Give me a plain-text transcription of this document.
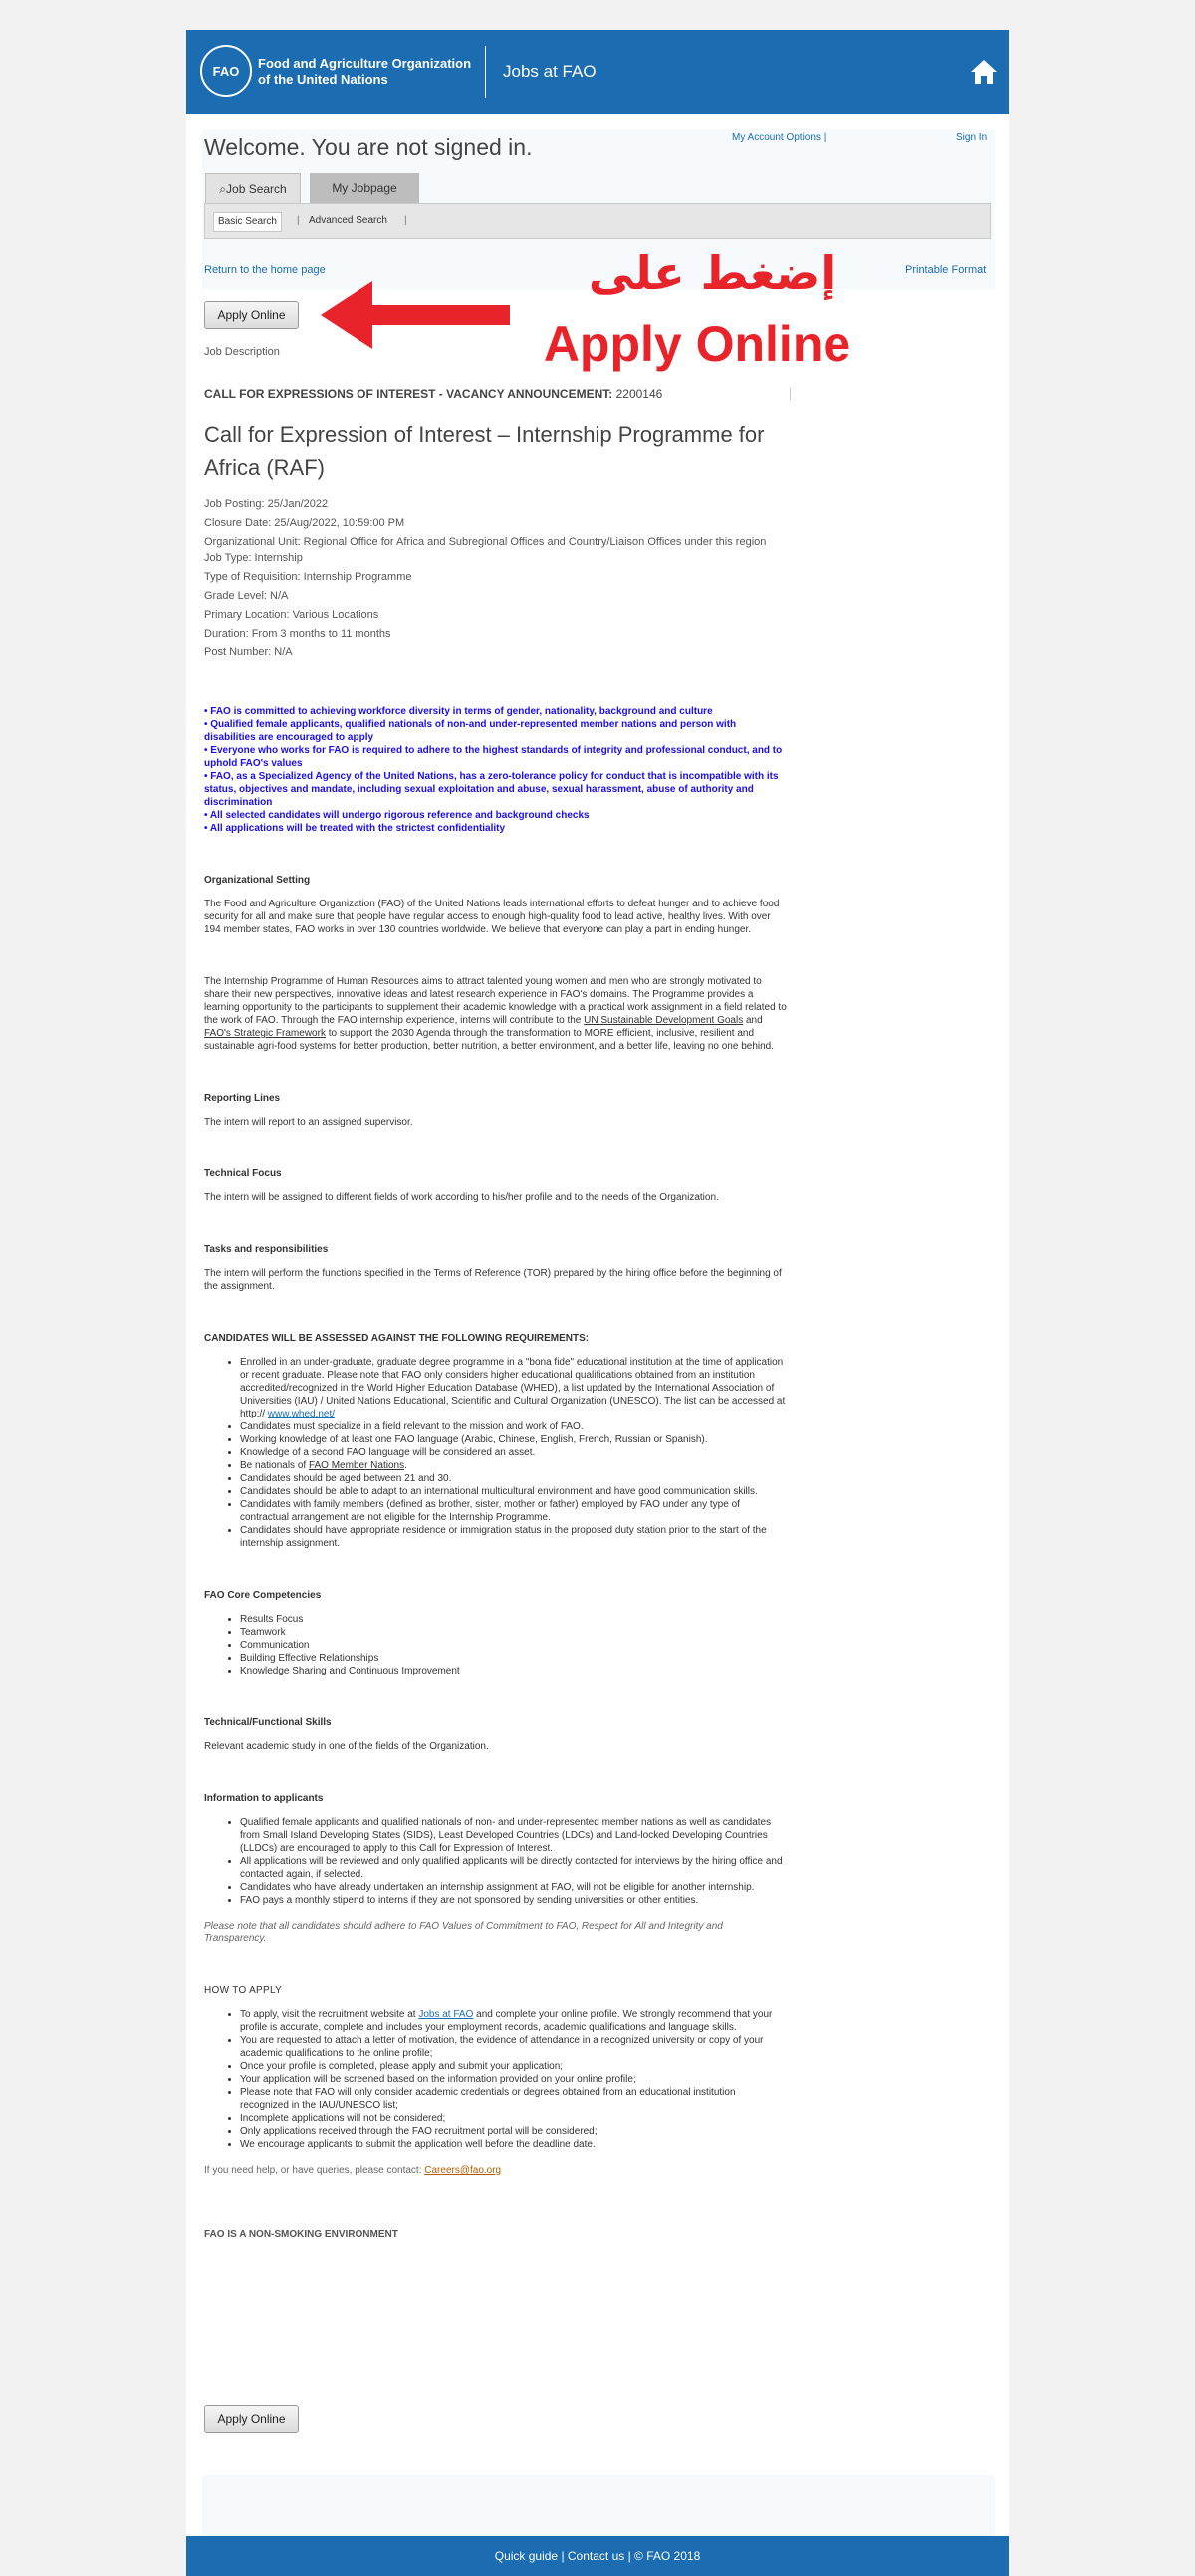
FAO	Food and Agriculture Organization
of the United Nations	Jobs at FAO
Quick guide | Contact us | © FAO 2018
Welcome. You are not signed in.	My Account Options |	Sign In
⌕Job Search	My Jobpage
Basic Search	| Advanced Search	|
Return to the home page	Printable Format
Apply Online
إضغط على
Apply Online
Job Description

CALL FOR EXPRESSIONS OF INTEREST - VACANCY ANNOUNCEMENT: 2200146

Call for Expression of Interest – Internship Programme for Africa (RAF)

Job Posting: 25/Jan/2022

Closure Date: 25/Aug/2022, 10:59:00 PM

Organizational Unit: Regional Office for Africa and Subregional Offices and Country/Liaison Offices under this region

Job Type: Internship

Type of Requisition: Internship Programme

Grade Level: N/A

Primary Location: Various Locations

Duration: From 3 months to 11 months

Post Number: N/A

• FAO is committed to achieving workforce diversity in terms of gender, nationality, background and culture

• Qualified female applicants, qualified nationals of non-and under-represented member nations and person with disabilities are encouraged to apply

• Everyone who works for FAO is required to adhere to the highest standards of integrity and professional conduct, and to uphold FAO's values

• FAO, as a Specialized Agency of the United Nations, has a zero-tolerance policy for conduct that is incompatible with its status, objectives and mandate, including sexual exploitation and abuse, sexual harassment, abuse of authority and discrimination

• All selected candidates will undergo rigorous reference and background checks

• All applications will be treated with the strictest confidentiality

Organizational Setting

The Food and Agriculture Organization (FAO) of the United Nations leads international efforts to defeat hunger and to achieve food security for all and make sure that people have regular access to enough high-quality food to lead active, healthy lives. With over 194 member states, FAO works in over 130 countries worldwide. We believe that everyone can play a part in ending hunger.

The Internship Programme of Human Resources aims to attract talented young women and men who are strongly motivated to share their new perspectives, innovative ideas and latest research experience in FAO's domains. The Programme provides a learning opportunity to the participants to supplement their academic knowledge with a practical work assignment in a field related to the work of FAO. Through the FAO internship experience, interns will contribute to the UN Sustainable Development Goals and FAO's Strategic Framework to support the 2030 Agenda through the transformation to MORE efficient, inclusive, resilient and sustainable agri-food systems for better production, better nutrition, a better environment, and a better life, leaving no one behind.

Reporting Lines

The intern will report to an assigned supervisor.

Technical Focus

The intern will be assigned to different fields of work according to his/her profile and to the needs of the Organization.

Tasks and responsibilities

The intern will perform the functions specified in the Terms of Reference (TOR) prepared by the hiring office before the beginning of the assignment.

CANDIDATES WILL BE ASSESSED AGAINST THE FOLLOWING REQUIREMENTS:

• Enrolled in an under-graduate, graduate degree programme in a "bona fide" educational institution at the time of application or recent graduate. Please note that FAO only considers higher educational qualifications obtained from an institution accredited/recognized in the World Higher Education Database (WHED), a list updated by the International Association of Universities (IAU) / United Nations Educational, Scientific and Cultural Organization (UNESCO). The list can be accessed at http:// www.whed.net/
• Candidates must specialize in a field relevant to the mission and work of FAO.
• Working knowledge of at least one FAO language (Arabic, Chinese, English, French, Russian or Spanish).
• Knowledge of a second FAO language will be considered an asset.
• Be nationals of FAO Member Nations.
• Candidates should be aged between 21 and 30.
• Candidates should be able to adapt to an international multicultural environment and have good communication skills.
• Candidates with family members (defined as brother, sister, mother or father) employed by FAO under any type of contractual arrangement are not eligible for the Internship Programme.
• Candidates should have appropriate residence or immigration status in the proposed duty station prior to the start of the internship assignment.

FAO Core Competencies

• Results Focus
• Teamwork
• Communication
• Building Effective Relationships
• Knowledge Sharing and Continuous Improvement

Technical/Functional Skills

Relevant academic study in one of the fields of the Organization.

Information to applicants

• Qualified female applicants and qualified nationals of non- and under-represented member nations as well as candidates from Small Island Developing States (SIDS), Least Developed Countries (LDCs) and Land-locked Developing Countries (LLDCs) are encouraged to apply to this Call for Expression of Interest.
• All applications will be reviewed and only qualified applicants will be directly contacted for interviews by the hiring office and contacted again, if selected.
• Candidates who have already undertaken an internship assignment at FAO, will not be eligible for another internship.
• FAO pays a monthly stipend to interns if they are not sponsored by sending universities or other entities.

Please note that all candidates should adhere to FAO Values of Commitment to FAO, Respect for All and Integrity and Transparency.

HOW TO APPLY

• To apply, visit the recruitment website at Jobs at FAO and complete your online profile. We strongly recommend that your profile is accurate, complete and includes your employment records, academic qualifications and language skills.
• You are requested to attach a letter of motivation, the evidence of attendance in a recognized university or copy of your academic qualifications to the online profile;
• Once your profile is completed, please apply and submit your application;
• Your application will be screened based on the information provided on your online profile;
• Please note that FAO will only consider academic credentials or degrees obtained from an educational institution recognized in the IAU/UNESCO list;
• Incomplete applications will not be considered;
• Only applications received through the FAO recruitment portal will be considered;
• We encourage applicants to submit the application well before the deadline date.

If you need help, or have queries, please contact: Careers@fao.org

FAO IS A NON-SMOKING ENVIRONMENT

Apply Online
